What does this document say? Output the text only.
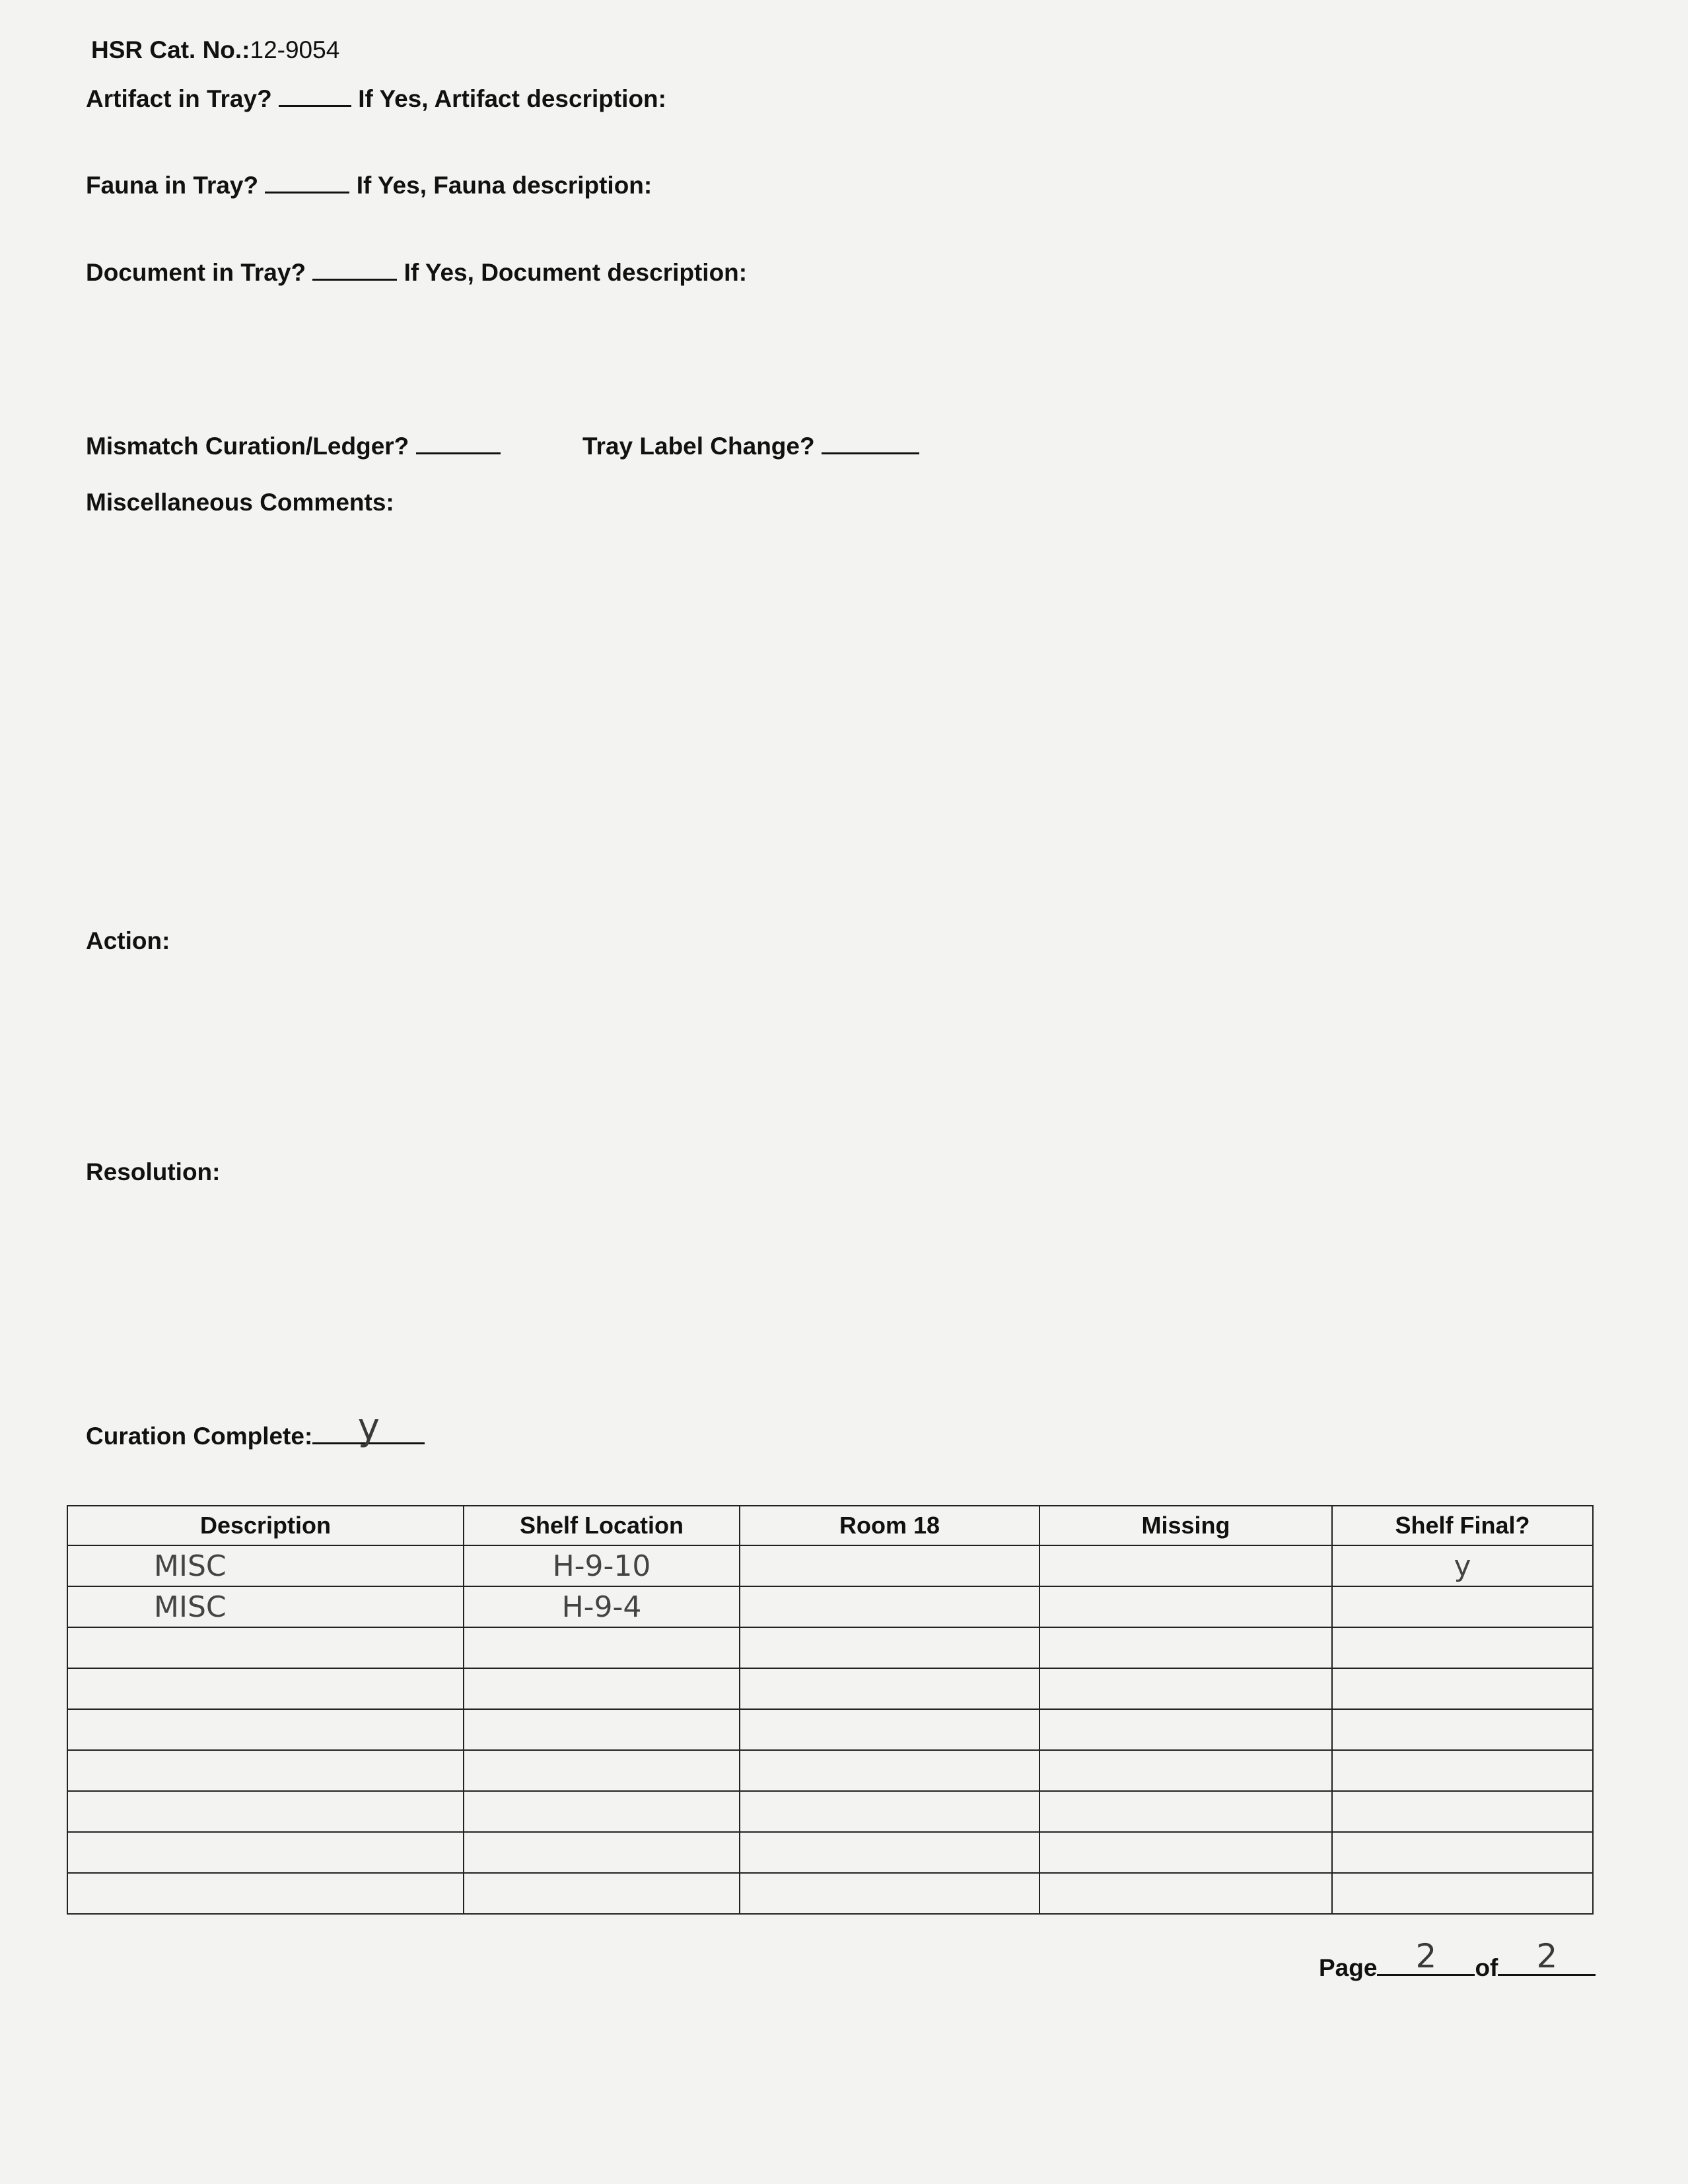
HSR Cat. No.:12-9054
Artifact in Tray?	If Yes, Artifact description:
Fauna in Tray?	If Yes, Fauna description:
Document in Tray?	If Yes, Document description:
Mismatch Curation/Ledger?	Tray Label Change?
Miscellaneous Comments:
Action:
Resolution:
Curation Complete:	y
Description	Shelf Location	Room 18	Missing	Shelf Final?
MISC	H-9-10			y
MISC	H-9-4			

Page	2	of	2
